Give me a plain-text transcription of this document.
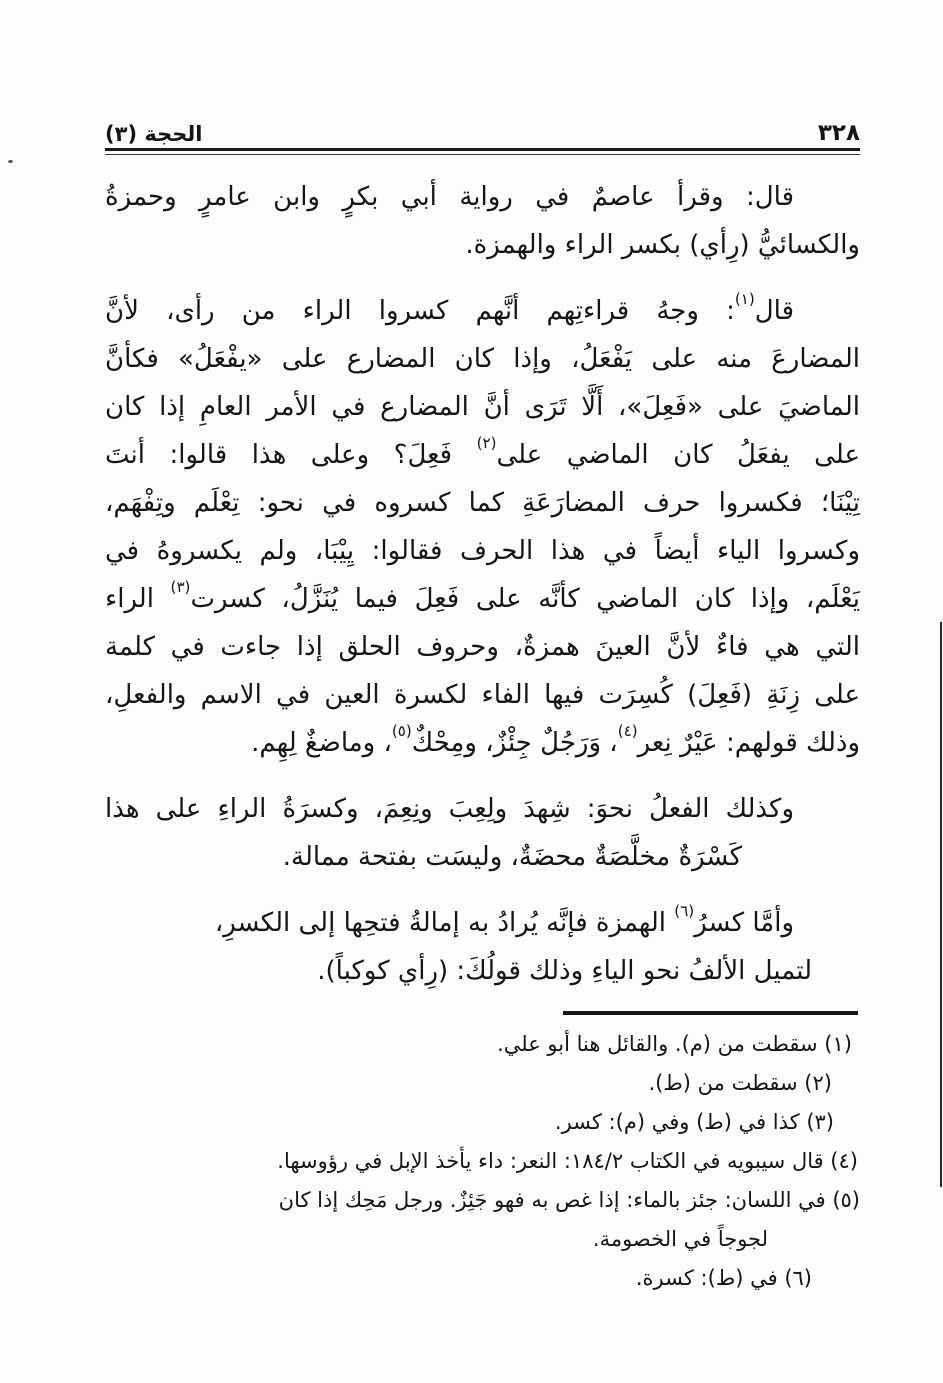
٣٢٨
الحجة (٣)
قال: وقرأ عاصمٌ في رواية أبي بكرٍ وابن عامرٍ وحمزةُ
والكسائيُّ (رِأي) بكسر الراء والهمزة.
قال$^{(١)}$: وجهُ قراءتِهم أنَّهم كسروا الراء من رأى، لأنَّ
المضارعَ منه على يَفْعَلُ، وإذا كان المضارع على «يفْعَلُ» فكأنَّ
الماضيَ على «فَعِلَ»، أَلَّا تَرَى أنَّ المضارع في الأمر العامِ إذا كان
على يفعَلُ كان الماضي على$^{(٢)}$ فَعِلَ؟ وعلى هذا قالوا: أنتَ
تِيْنَا؛ فكسروا حرف المضارَعَةِ كما كسروه في نحو: تِعْلَم وتِفْهَم،
وكسروا الياء أيضاً في هذا الحرف فقالوا: يِيْبَا، ولم يكسروهُ في
يَعْلَم، وإذا كان الماضي كأنَّه على فَعِلَ فيما يُنَزَّلُ، كسرت$^{(٣)}$ الراء
التي هي فاءٌ لأنَّ العينَ همزةٌ، وحروف الحلق إذا جاءت في كلمة
على زِنَةِ (فَعِلَ) كُسِرَت فيها الفاء لكسرة العين في الاسم والفعلِ،
وذلك قولهم: عَيْرٌ نِعر$^{(٤)}$، وَرَجُلٌ جِئْزٌ، ومِحْكٌ$^{(٥)}$، وماضغٌ لِهِم.
وكذلك الفعلُ نحوَ: شِهدَ ولِعِبَ ونِعِمَ، وكسرَةُ الراءِ على هذا
كَسْرَةٌ مخلَّصَةٌ محضَةٌ، وليسَت بفتحة ممالة.
وأمَّا كسرُ$^{(٦)}$ الهمزة فإنَّه يُرادُ به إمالةُ فتحِها إلى الكسرِ،
لتميل الألفُ نحو الياءِ وذلك قولُكَ: (رِأي كوكباً).
(١) سقطت من (م). والقائل هنا أبو علي.
(٢) سقطت من (ط).
(٣) كذا في (ط) وفي (م): كسر.
(٤) قال سيبويه في الكتاب ١٨٤/٢: النعر: داء يأخذ الإبل في رؤوسها.
(٥) في اللسان: جئز بالماء: إذا غص به فهو جَئِزٌ. ورجل مَحِك إذا كان
لجوجاً في الخصومة.
(٦) في (ط): كسرة.
